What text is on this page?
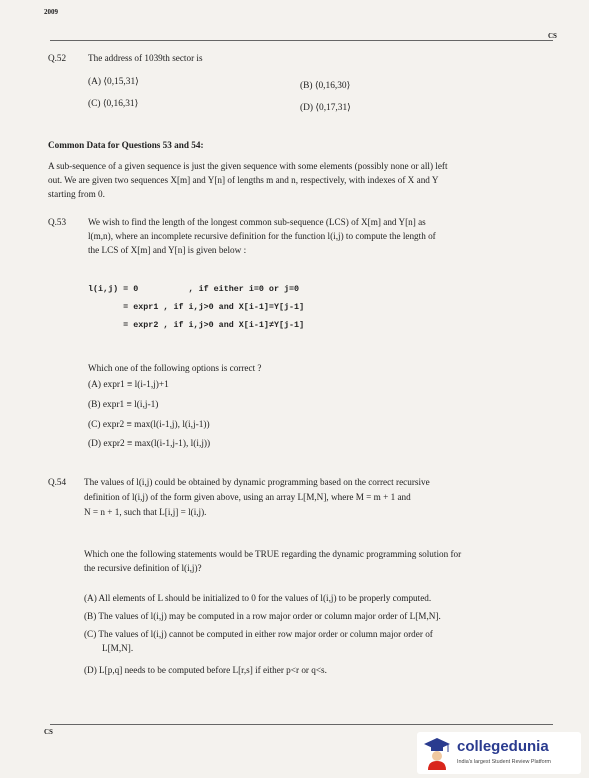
2009
CS
Q.52 The address of 1039th sector is
(A) ⟨0,15,31⟩	(B) ⟨0,16,30⟩
(C) ⟨0,16,31⟩	(D) ⟨0,17,31⟩
Common Data for Questions 53 and 54:
A sub-sequence of a given sequence is just the given sequence with some elements (possibly none or all) left
out. We are given two sequences X[m] and Y[n] of lengths m and n, respectively, with indexes of X and Y
starting from 0.
Q.53 We wish to find the length of the longest common sub-sequence (LCS) of X[m] and Y[n] as
l(m,n), where an incomplete recursive definition for the function l(i,j) to compute the length of
the LCS of X[m] and Y[n] is given below :
l(i,j) = 0          , if either i=0 or j=0
= expr1 , if i,j>0 and X[i-1]=Y[j-1]
= expr2 , if i,j>0 and X[i-1]≠Y[j-1]
Which one of the following options is correct ?
(A) expr1 ≡ l(i-1,j)+1
(B) expr1 ≡ l(i,j-1)
(C) expr2 ≡ max(l(i-1,j), l(i,j-1))
(D) expr2 ≡ max(l(i-1,j-1), l(i,j))
Q.54 The values of l(i,j) could be obtained by dynamic programming based on the correct recursive
definition of l(i,j) of the form given above, using an array L[M,N], where M = m + 1 and
N = n + 1, such that L[i,j] = l(i,j).
Which one the following statements would be TRUE regarding the dynamic programming solution for
the recursive definition of l(i,j)?
(A) All elements of L should be initialized to 0 for the values of l(i,j) to be properly computed.
(B) The values of l(i,j) may be computed in a row major order or column major order of L[M,N].
(C) The values of l(i,j) cannot be computed in either row major order or column major order of
L[M,N].
(D) L[p,q] needs to be computed before L[r,s] if either p<r or q<s.
CS
collegedunia
India's largest Student Review Platform
